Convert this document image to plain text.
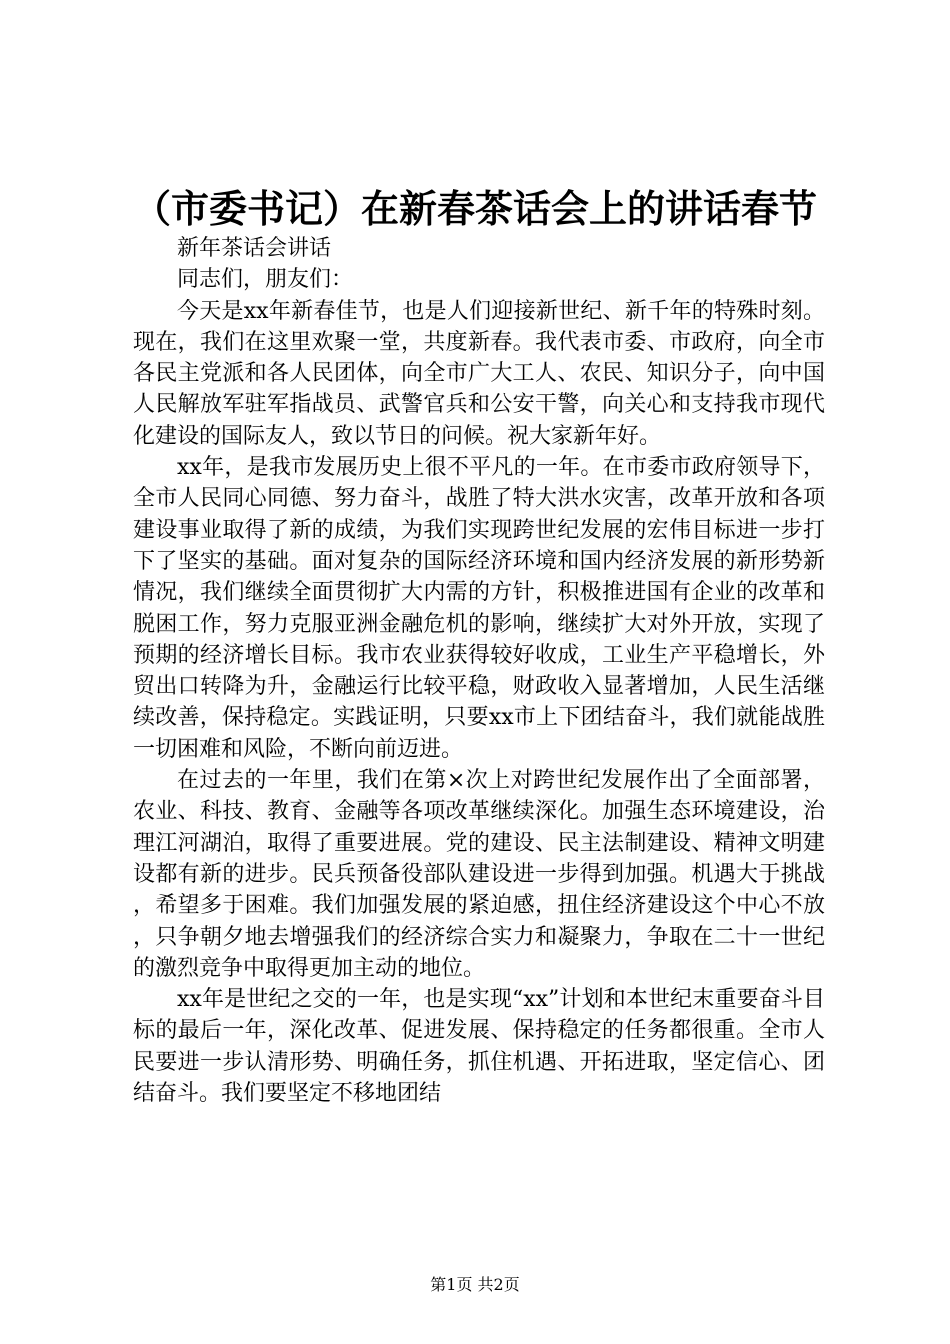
（市委书记）在新春茶话会上的讲话春节

新年茶话会讲话

同志们，朋友们：

今天是xx年新春佳节，也是人们迎接新世纪、新千年的特殊时刻。现在，我们在这里欢聚一堂，共度新春。我代表市委、市政府，向全市各民主党派和各人民团体，向全市广大工人、农民、知识分子，向中国人民解放军驻军指战员、武警官兵和公安干警，向关心和支持我市现代化建设的国际友人，致以节日的问候。祝大家新年好。

xx年，是我市发展历史上很不平凡的一年。在市委市政府领导下，全市人民同心同德、努力奋斗，战胜了特大洪水灾害，改革开放和各项建设事业取得了新的成绩，为我们实现跨世纪发展的宏伟目标进一步打下了坚实的基础。面对复杂的国际经济环境和国内经济发展的新形势新情况，我们继续全面贯彻扩大内需的方针，积极推进国有企业的改革和脱困工作，努力克服亚洲金融危机的影响，继续扩大对外开放，实现了预期的经济增长目标。我市农业获得较好收成，工业生产平稳增长，外贸出口转降为升，金融运行比较平稳，财政收入显著增加，人民生活继续改善，保持稳定。实践证明，只要xx市上下团结奋斗，我们就能战胜一切困难和风险，不断向前迈进。

在过去的一年里，我们在第×次上对跨世纪发展作出了全面部署，农业、科技、教育、金融等各项改革继续深化。加强生态环境建设，治理江河湖泊，取得了重要进展。党的建设、民主法制建设、精神文明建设都有新的进步。民兵预备役部队建设进一步得到加强。机遇大于挑战，希望多于困难。我们加强发展的紧迫感，扭住经济建设这个中心不放，只争朝夕地去增强我们的经济综合实力和凝聚力，争取在二十一世纪的激烈竞争中取得更加主动的地位。

xx年是世纪之交的一年，也是实现“xx”计划和本世纪末重要奋斗目标的最后一年，深化改革、促进发展、保持稳定的任务都很重。全市人民要进一步认清形势、明确任务，抓住机遇、开拓进取，坚定信心、团结奋斗。我们要坚定不移地团结

第1页 共2页
